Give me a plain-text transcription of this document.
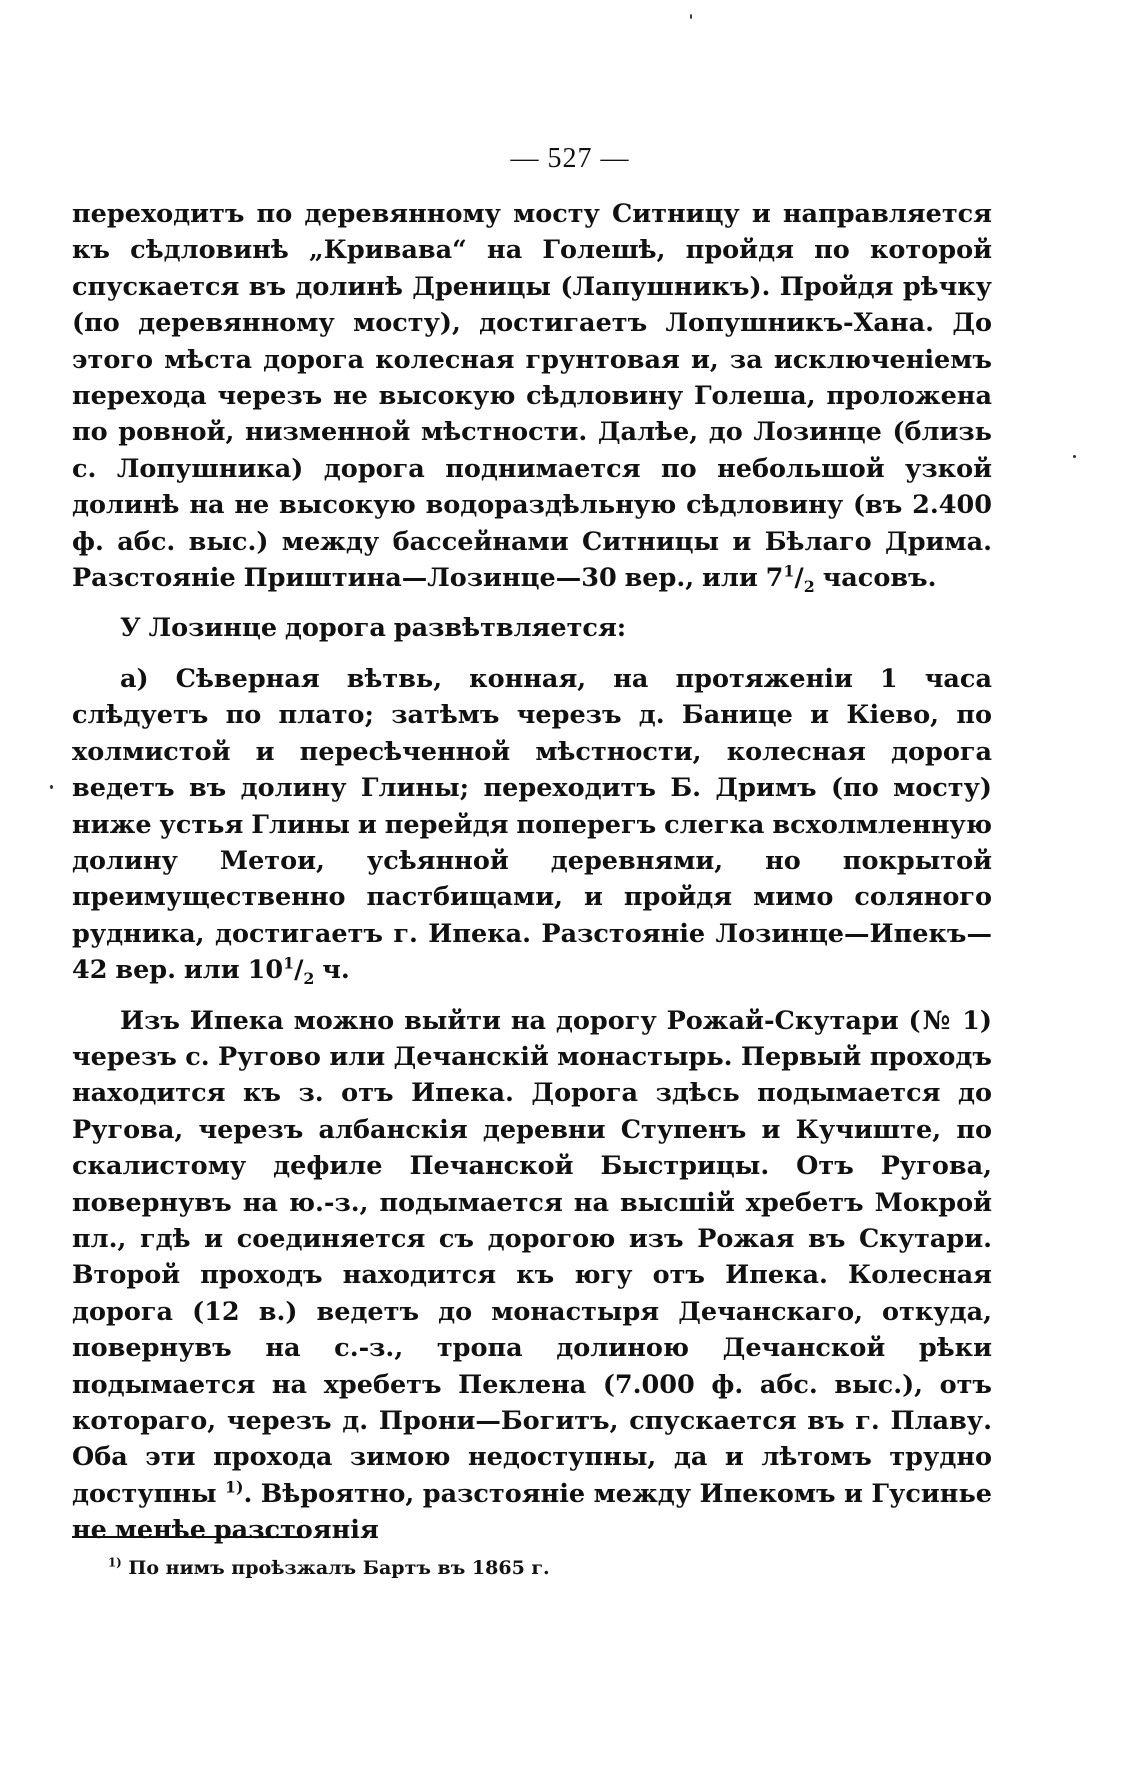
— 527 —

переходитъ по деревянному мосту Ситницу и направляется къ сѣдловинѣ „Кривава“ на Голешѣ, пройдя по которой спускается въ долинѣ Дреницы (Лапушникъ). Пройдя рѣчку (по деревянному мосту), достигаетъ Лопушникъ-Хана. До этого мѣста дорога колесная грунтовая и, за исключеніемъ перехода черезъ не высокую сѣдловину Голеша, проложена по ровной, низменной мѣстности. Далѣе, до Лозинце (близь с. Лопушника) дорога поднимается по небольшой узкой долинѣ на не высокую водораздѣльную сѣдловину (въ 2.400 ф. абс. выс.) между бассейнами Ситницы и Бѣлаго Дрима. Разстояніе Приштина—Лозинце—30 вер., или $7^1/_2$ часовъ.

У Лозинце дорога развѣтвляется:

a) Сѣверная вѣтвь, конная, на протяженіи 1 часа слѣдуетъ по плато; затѣмъ черезъ д. Баницe и Кіево, по холмистой и пересѣченной мѣстности, колесная дорога ведетъ въ долину Глины; переходитъ Б. Дримъ (по мосту) ниже устья Глины и перейдя поперегъ слегка всхолмленную долину Метои, усѣянной деревнями, но покрытой преимущественно пастбищами, и пройдя мимо соляного рудника, достигаетъ г. Ипека. Разстояніе Лозинце—Ипекъ—42 вер. или $10^1/_2$ ч.

Изъ Ипека можно выйти на дорогу Рожай-Скутари (№ 1) черезъ с. Ругово или Дечанскій монастырь. Первый проходъ находится къ з. отъ Ипека. Дорога здѣсь подымается до Ругова, черезъ албанскія деревни Ступенъ и Кучиште, по скалистому дефиле Печанской Быстрицы. Отъ Ругова, повернувъ на ю.-з., подымается на высшій хребетъ Мокрой пл., гдѣ и соединяется съ дорогою изъ Рожая въ Скутари. Второй проходъ находится къ югу отъ Ипека. Колесная дорога (12 в.) ведетъ до монастыря Дечанскаго, откуда, повернувъ на с.-з., тропа долиною Дечанской рѣки подымается на хребетъ Пеклена (7.000 ф. абс. выс.), отъ котораго, черезъ д. Прони—Богитъ, спускается въ г. Плаву. Оба эти прохода зимою недоступны, да и лѣтомъ трудно доступны $^{1)}$. Вѣроятно, разстояніе между Ипекомъ и Гусинье не менѣе разстоянія

$^{1)}$ По нимъ проѣзжалъ Бартъ въ 1865 г.
